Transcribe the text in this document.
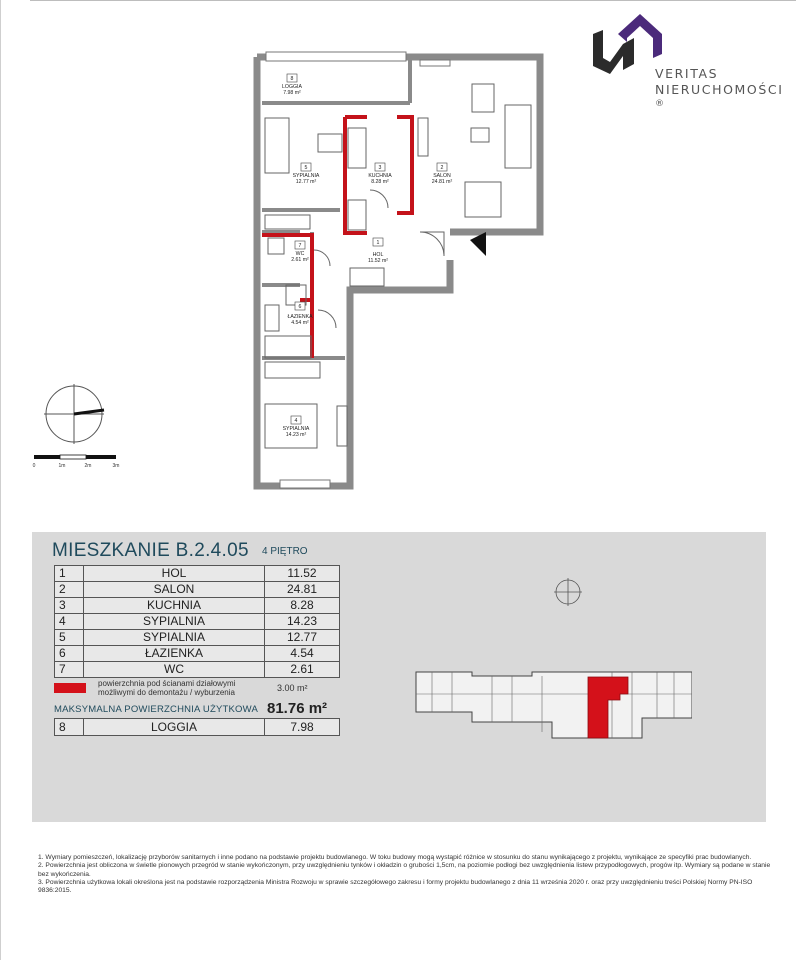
VERITAS
NIERUCHOMOŚCI ®
8
LOGGIA
7.98 m²
5
SYPIALNIA
12.77 m²
3
KUCHNIA
8.28 m²
2
SALON
24.81 m²
7
WC
2.61 m²
1
HOL
11.52 m²
6
ŁAZIENKA
4.54 m²
4
SYPIALNIA
14.23 m²
0	1m	2m	3m
MIESZKANIE B.2.4.05 4 PIĘTRO
1	HOL	11.52
2	SALON	24.81
3	KUCHNIA	8.28
4	SYPIALNIA	14.23
5	SYPIALNIA	12.77
6	ŁAZIENKA	4.54
7	WC	2.61
powierzchnia pod ścianami działowymi możliwymi do demontażu / wyburzenia	3.00 m²
MAKSYMALNA POWIERZCHNIA UŻYTKOWA 81.76 m²
8	LOGGIA	7.98

1. Wymiary pomieszczeń, lokalizację przyborów sanitarnych i inne podano na podstawie projektu budowlanego. W toku budowy mogą wystąpić różnice w stosunku do stanu wynikającego z projektu, wynikające ze specyfiki prac budowlanych.

2. Powierzchnia jest obliczona w świetle pionowych przegród w stanie wykończonym, przy uwzględnieniu tynków i okładzin o grubości 1,5cm, na poziomie podłogi bez uwzględnienia listew przypodłogowych, progów itp. Wymiary są podane w stanie bez wykończenia.

3. Powierzchnia użytkowa lokali określona jest na podstawie rozporządzenia Ministra Rozwoju w sprawie szczegółowego zakresu i formy projektu budowlanego z dnia 11 września 2020 r. oraz przy uwzględnieniu treści Polskiej Normy PN-ISO 9836:2015.
